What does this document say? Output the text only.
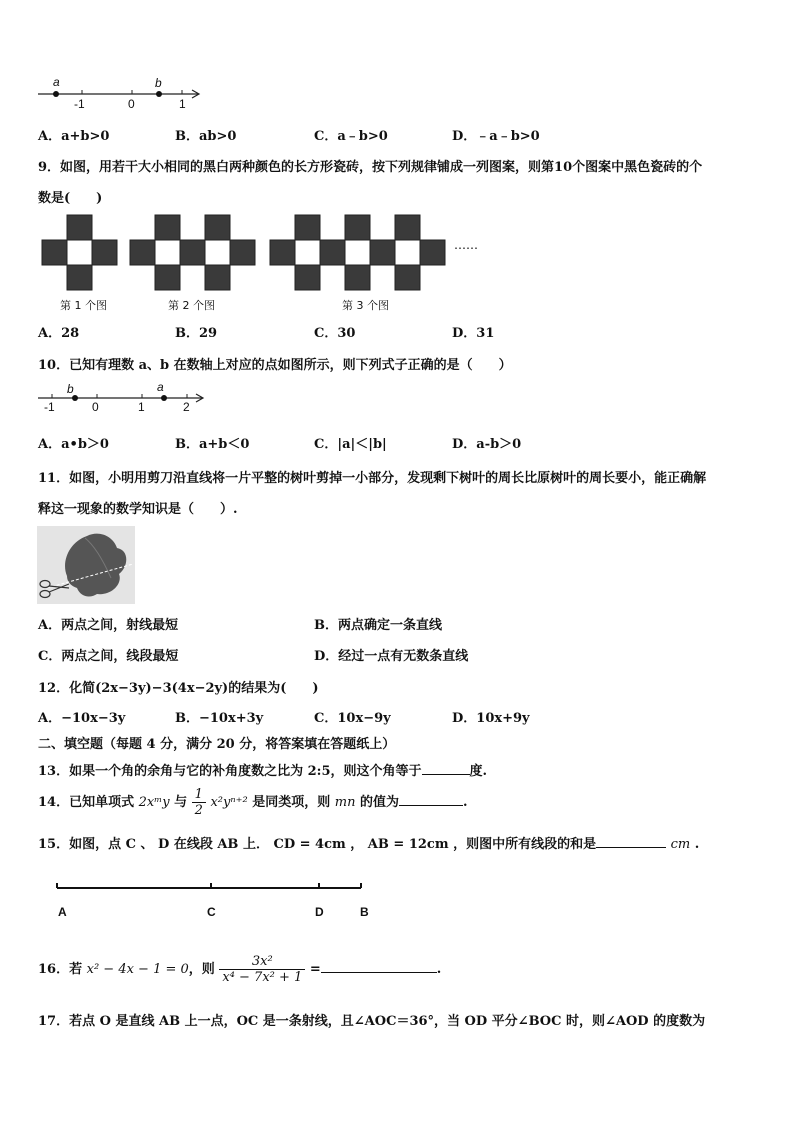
a	b
-1	0	1
A．a+b>0	B．ab>0	C．a﹣b>0	D．﹣a﹣b>0
9．如图，用若干大小相同的黑白两种颜色的长方形瓷砖，按下列规律铺成一列图案，则第10个图案中黑色瓷砖的个
数是(　　)
……
第 1 个图	第 2 个图	第 3 个图
A．28	B．29	C．30	D．31
10．已知有理数 a、b 在数轴上对应的点如图所示，则下列式子正确的是（　　）
b	a
-1	0	1	2
A．a•b＞0	B．a+b＜0	C．|a|＜|b|	D．a-b＞0
11．如图，小明用剪刀沿直线将一片平整的树叶剪掉一小部分，发现剩下树叶的周长比原树叶的周长要小，能正确解
释这一现象的数学知识是（　　）.
A．两点之间，射线最短	B．两点确定一条直线
C．两点之间，线段最短	D．经过一点有无数条直线
12．化简(2x−3y)−3(4x−2y)的结果为(　　)
A．−10x−3y	B．−10x+3y	C．10x−9y	D．10x+9y
二、填空题（每题 4 分，满分 20 分，将答案填在答题纸上）
13．如果一个角的余角与它的补角度数之比为 2:5，则这个角等于	度.
14．已知单项式 2xᵐy 与 $\frac{1}{2} x^2y^{n+2}$ 是同类项，则 mn 的值为	.
15．如图，点 C 、 D 在线段 AB 上． CD = 4cm ， AB = 12cm ，则图中所有线段的和是	cm .
A	C	D	B
16．若 x² − 4x − 1 = 0，则 $\frac{\text{3x²}}{\text{x⁴ − 7x² + 1}}$ =	.
17．若点 O 是直线 AB 上一点，OC 是一条射线，且∠AOC＝36°，当 OD 平分∠BOC 时，则∠AOD 的度数为
